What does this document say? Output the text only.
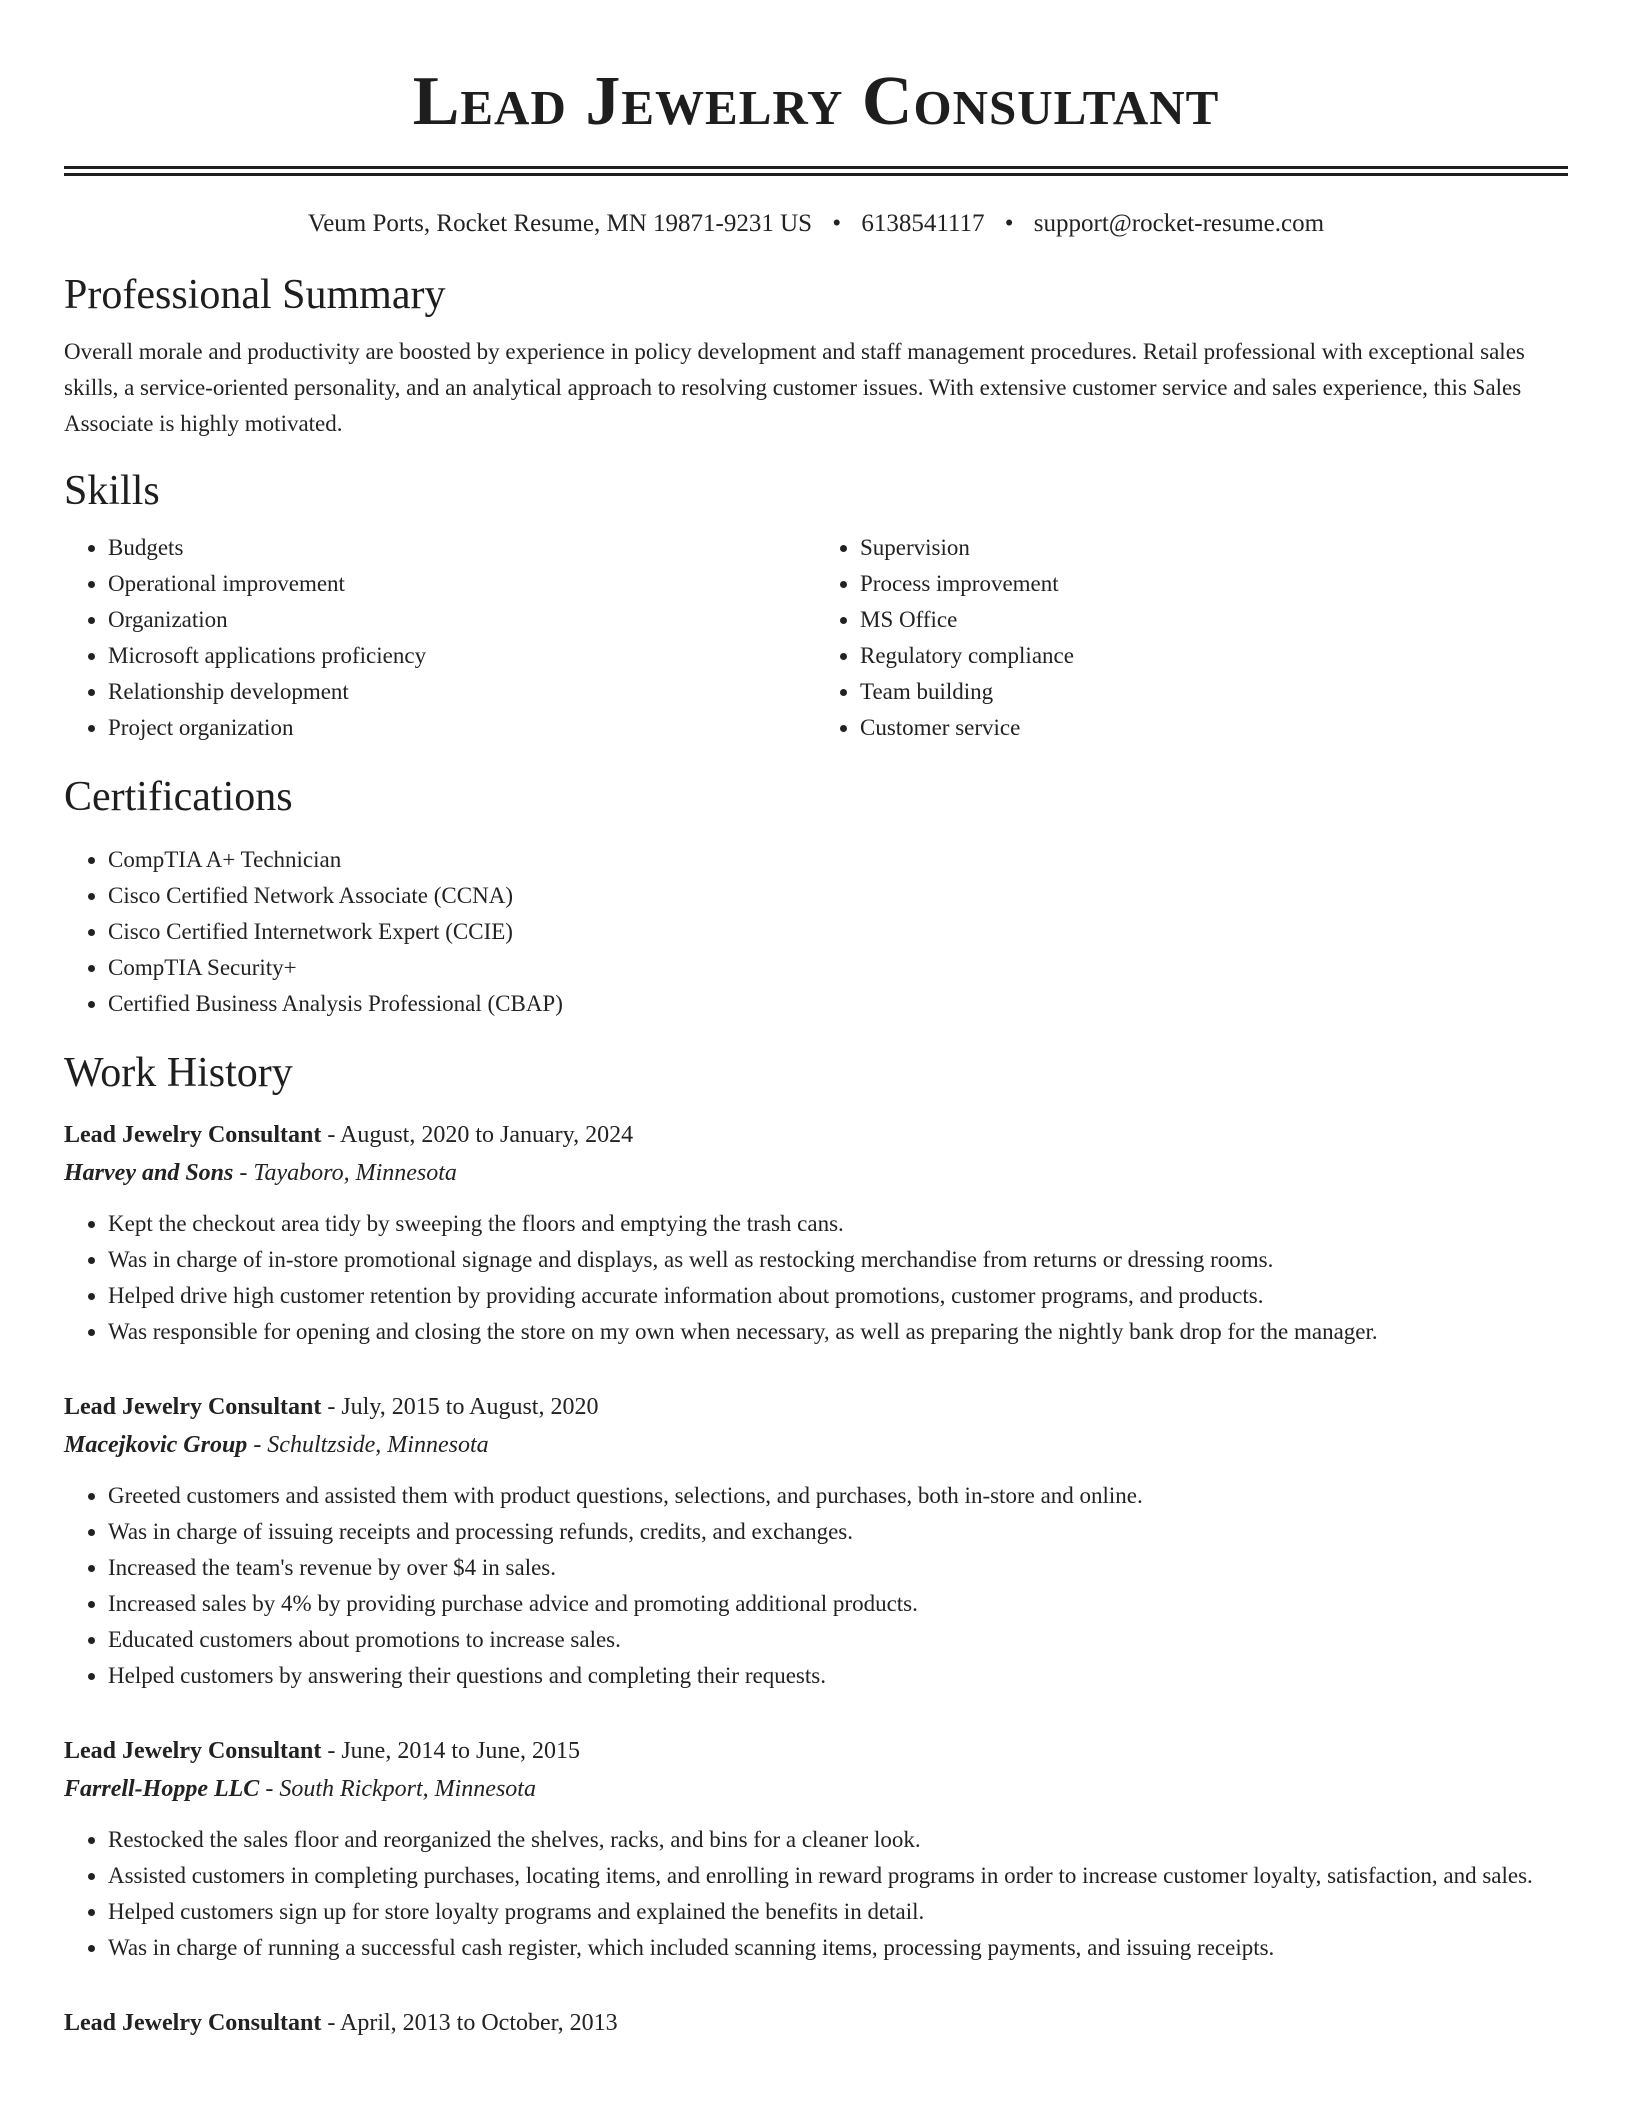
Lead Jewelry Consultant
Veum Ports, Rocket Resume, MN 19871-9231 US • 6138541117 • support@rocket-resume.com
Professional Summary
Overall morale and productivity are boosted by experience in policy development and staff management procedures. Retail professional with exceptional sales skills, a service-oriented personality, and an analytical approach to resolving customer issues. With extensive customer service and sales experience, this Sales Associate is highly motivated.
Skills
• Budgets
• Operational improvement
• Organization
• Microsoft applications proficiency
• Relationship development
• Project organization
• Supervision
• Process improvement
• MS Office
• Regulatory compliance
• Team building
• Customer service
Certifications
• CompTIA A+ Technician
• Cisco Certified Network Associate (CCNA)
• Cisco Certified Internetwork Expert (CCIE)
• CompTIA Security+
• Certified Business Analysis Professional (CBAP)
Work History
Lead Jewelry Consultant - August, 2020 to January, 2024
Harvey and Sons - Tayaboro, Minnesota
• Kept the checkout area tidy by sweeping the floors and emptying the trash cans.
• Was in charge of in-store promotional signage and displays, as well as restocking merchandise from returns or dressing rooms.
• Helped drive high customer retention by providing accurate information about promotions, customer programs, and products.
• Was responsible for opening and closing the store on my own when necessary, as well as preparing the nightly bank drop for the manager.
Lead Jewelry Consultant - July, 2015 to August, 2020
Macejkovic Group - Schultzside, Minnesota
• Greeted customers and assisted them with product questions, selections, and purchases, both in-store and online.
• Was in charge of issuing receipts and processing refunds, credits, and exchanges.
• Increased the team's revenue by over $4 in sales.
• Increased sales by 4% by providing purchase advice and promoting additional products.
• Educated customers about promotions to increase sales.
• Helped customers by answering their questions and completing their requests.
Lead Jewelry Consultant - June, 2014 to June, 2015
Farrell-Hoppe LLC - South Rickport, Minnesota
• Restocked the sales floor and reorganized the shelves, racks, and bins for a cleaner look.
• Assisted customers in completing purchases, locating items, and enrolling in reward programs in order to increase customer loyalty, satisfaction, and sales.
• Helped customers sign up for store loyalty programs and explained the benefits in detail.
• Was in charge of running a successful cash register, which included scanning items, processing payments, and issuing receipts.
Lead Jewelry Consultant - April, 2013 to October, 2013
